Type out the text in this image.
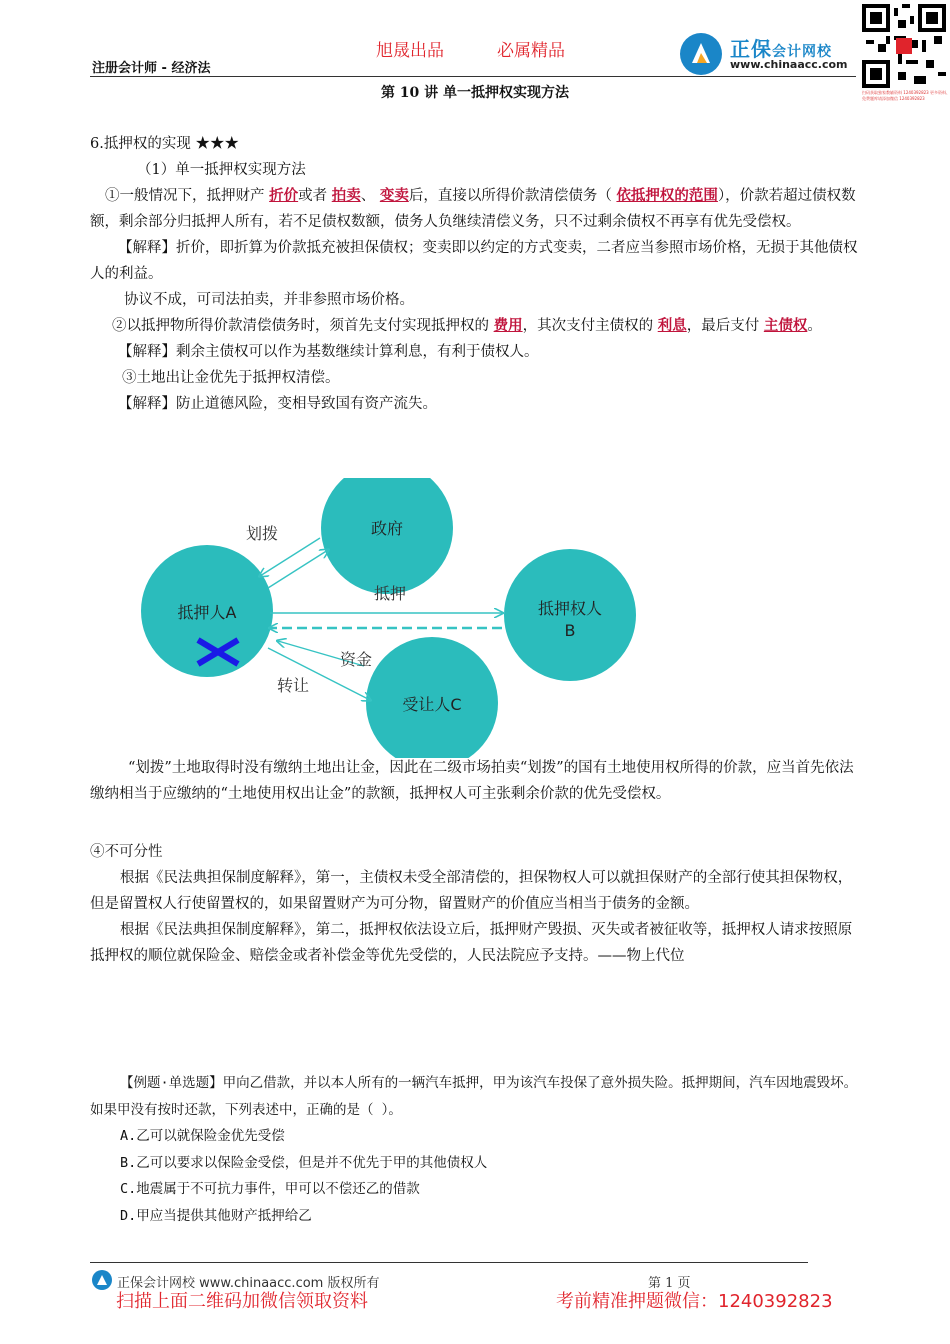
注册会计师 - 经济法
旭晟出品	必属精品	正保会计网校
www.chinaacc.com
扫码获取独家教辅资料 1240392823 更多资料、免费题库请添加微信 1240392823
第 10 讲 单一抵押权实现方法

6.抵押权的实现 ★★★

（1）单一抵押权实现方法

①一般情况下，抵押财产 折价或者 拍卖、 变卖后，直接以所得价款清偿债务（ 依抵押权的范围），价款若超过债权数额，剩余部分归抵押人所有，若不足债权数额，债务人负继续清偿义务，只不过剩余债权不再享有优先受偿权。

【解释】折价，即折算为价款抵充被担保债权；变卖即以约定的方式变卖，二者应当参照市场价格，无损于其他债权人的利益。

协议不成，可司法拍卖，并非参照市场价格。

②以抵押物所得价款清偿债务时，须首先支付实现抵押权的 费用，其次支付主债权的 利息，最后支付 主债权。

【解释】剩余主债权可以作为基数继续计算利息，有利于债权人。

③土地出让金优先于抵押权清偿。

【解释】防止道德风险，变相导致国有资产流失。

政府
抵押人A	抵押权人
B
受让人C
划拨
抵押
资金
转让

“划拨”土地取得时没有缴纳土地出让金，因此在二级市场拍卖“划拨”的国有土地使用权所得的价款，应当首先依法缴纳相当于应缴纳的“土地使用权出让金”的款额，抵押权人可主张剩余价款的优先受偿权。

④不可分性

根据《民法典担保制度解释》，第一，主债权未受全部清偿的，担保物权人可以就担保财产的全部行使其担保物权，但是留置权人行使留置权的，如果留置财产为可分物，留置财产的价值应当相当于债务的金额。

根据《民法典担保制度解释》，第二，抵押权依法设立后，抵押财产毁损、灭失或者被征收等，抵押权人请求按照原抵押权的顺位就保险金、赔偿金或者补偿金等优先受偿的，人民法院应予支持。——物上代位

【例题·单选题】甲向乙借款，并以本人所有的一辆汽车抵押，甲为该汽车投保了意外损失险。抵押期间，汽车因地震毁坏。如果甲没有按时还款，下列表述中，正确的是（ ）。

A.乙可以就保险金优先受偿

B.乙可以要求以保险金受偿，但是并不优先于甲的其他债权人

C.地震属于不可抗力事件，甲可以不偿还乙的借款

D.甲应当提供其他财产抵押给乙

正保会计网校 www.chinaacc.com 版权所有	第 1 页
扫描上面二维码加微信领取资料	考前精准押题微信：1240392823
